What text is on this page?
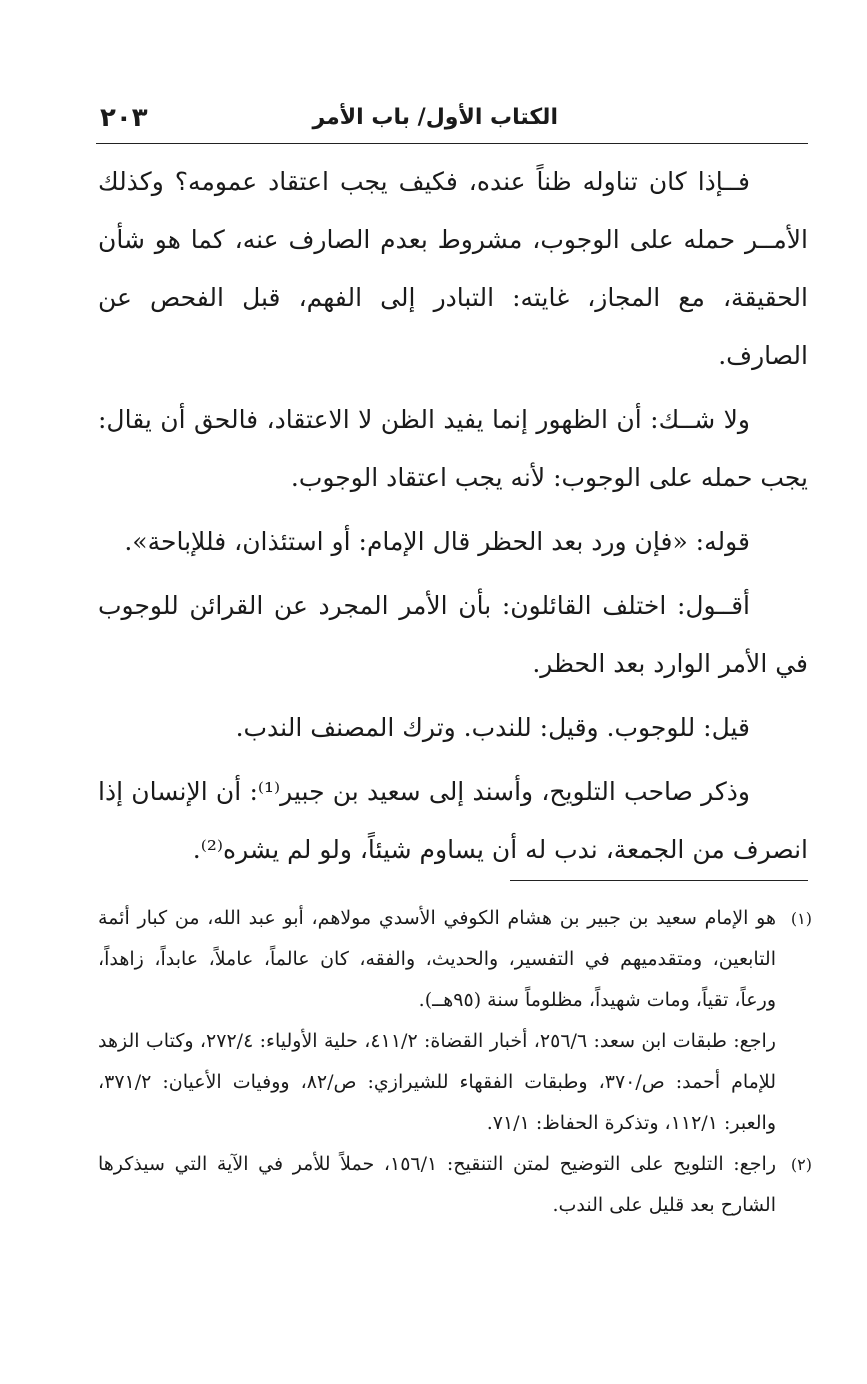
الكتاب الأول/ باب الأمر
٢٠٣

فــإذا كان تناوله ظناً عنده، فكيف يجب اعتقاد عمومه؟ وكذلك الأمــر حمله على الوجوب، مشروط بعدم الصارف عنه، كما هو شأن الحقيقة، مع المجاز، غايته: التبادر إلى الفهم، قبل الفحص عن الصارف.

ولا شــك: أن الظهور إنما يفيد الظن لا الاعتقاد، فالحق أن يقال: يجب حمله على الوجوب: لأنه يجب اعتقاد الوجوب.

قوله: «فإن ورد بعد الحظر قال الإمام: أو استئذان، فللإباحة».

أقــول: اختلف القائلون: بأن الأمر المجرد عن القرائن للوجوب في الأمر الوارد بعد الحظر.

قيل: للوجوب. وقيل: للندب. وترك المصنف الندب.

وذكر صاحب التلويح، وأسند إلى سعيد بن جبير⁽¹⁾: أن الإنسان إذا انصرف من الجمعة، ندب له أن يساوم شيئاً، ولو لم يشره⁽²⁾.

(١)
هو الإمام سعيد بن جبير بن هشام الكوفي الأسدي مولاهم، أبو عبد الله، من كبار أئمة التابعين، ومتقدميهم في التفسير، والحديث، والفقه، كان عالماً، عاملاً، عابداً، زاهداً، ورعاً، تقياً، ومات شهيداً، مظلوماً سنة (٩٥هــ).

راجع: طبقات ابن سعد: ٢٥٦/٦، أخبار القضاة: ٤١١/٢، حلية الأولياء: ٢٧٢/٤، وكتاب الزهد للإمام أحمد: ص/٣٧٠، وطبقات الفقهاء للشيرازي: ص/٨٢، ووفيات الأعيان: ٣٧١/٢، والعبر: ١١٢/١، وتذكرة الحفاظ: ٧١/١.

(٢)
راجع: التلويح على التوضيح لمتن التنقيح: ١٥٦/١، حملاً للأمر في الآية التي سيذكرها الشارح بعد قليل على الندب.
